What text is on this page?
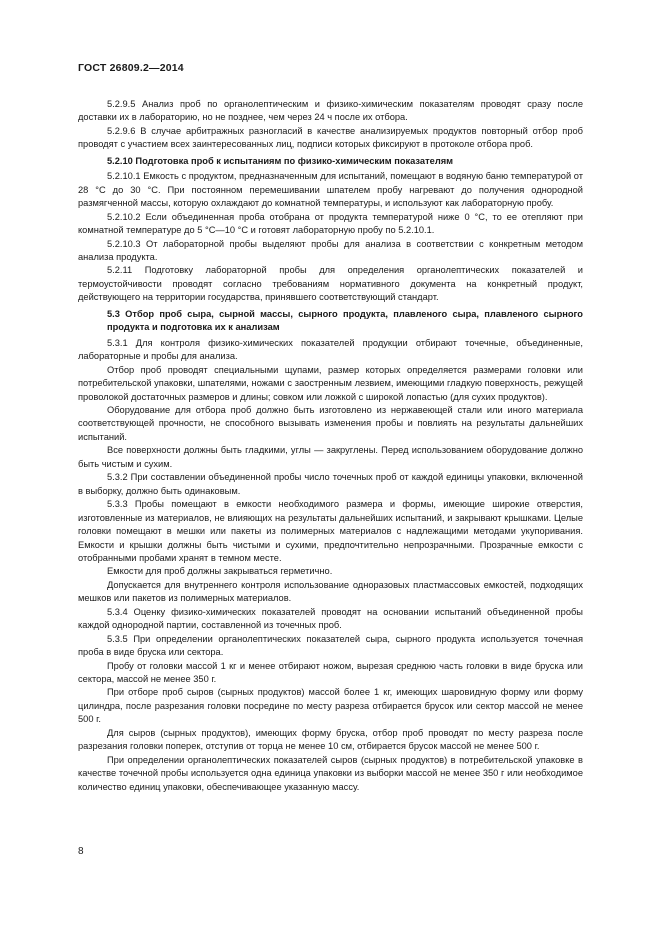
ГОСТ 26809.2—2014

5.2.9.5 Анализ проб по органолептическим и физико-химическим показателям проводят сразу после доставки их в лабораторию, но не позднее, чем через 24 ч после их отбора.

5.2.9.6 В случае арбитражных разногласий в качестве анализируемых продуктов повторный отбор проб проводят с участием всех заинтересованных лиц, подписи которых фиксируют в протоколе отбора проб.

5.2.10 Подготовка проб к испытаниям по физико-химическим показателям

5.2.10.1 Емкость с продуктом, предназначенным для испытаний, помещают в водяную баню температурой от 28 °C до 30 °C. При постоянном перемешивании шпателем пробу нагревают до получения однородной размягченной массы, которую охлаждают до комнатной температуры, и используют как лабораторную пробу.

5.2.10.2 Если объединенная проба отобрана от продукта температурой ниже 0 °C, то ее отепляют при комнатной температуре до 5 °C—10 °C и готовят лабораторную пробу по 5.2.10.1.

5.2.10.3 От лабораторной пробы выделяют пробы для анализа в соответствии с конкретным методом анализа продукта.

5.2.11 Подготовку лабораторной пробы для определения органолептических показателей и термоустойчивости проводят согласно требованиям нормативного документа на конкретный продукт, действующего на территории государства, принявшего соответствующий стандарт.

5.3 Отбор проб сыра, сырной массы, сырного продукта, плавленого сыра, плавленого сырного продукта и подготовка их к анализам

5.3.1 Для контроля физико-химических показателей продукции отбирают точечные, объединенные, лабораторные и пробы для анализа.

Отбор проб проводят специальными щупами, размер которых определяется размерами головки или потребительской упаковки, шпателями, ножами с заостренным лезвием, имеющими гладкую поверхность, режущей проволокой достаточных размеров и длины; совком или ложкой с широкой лопастью (для сухих продуктов).

Оборудование для отбора проб должно быть изготовлено из нержавеющей стали или иного материала соответствующей прочности, не способного вызывать изменения пробы и повлиять на результаты дальнейших испытаний.

Все поверхности должны быть гладкими, углы — закруглены. Перед использованием оборудование должно быть чистым и сухим.

5.3.2 При составлении объединенной пробы число точечных проб от каждой единицы упаковки, включенной в выборку, должно быть одинаковым.

5.3.3 Пробы помещают в емкости необходимого размера и формы, имеющие широкие отверстия, изготовленные из материалов, не влияющих на результаты дальнейших испытаний, и закрывают крышками. Целые головки помещают в мешки или пакеты из полимерных материалов с надлежащими методами укупоривания. Емкости и крышки должны быть чистыми и сухими, предпочтительно непрозрачными. Прозрачные емкости с отобранными пробами хранят в темном месте.

Емкости для проб должны закрываться герметично.

Допускается для внутреннего контроля использование одноразовых пластмассовых емкостей, подходящих мешков или пакетов из полимерных материалов.

5.3.4 Оценку физико-химических показателей проводят на основании испытаний объединенной пробы каждой однородной партии, составленной из точечных проб.

5.3.5 При определении органолептических показателей сыра, сырного продукта используется точечная проба в виде бруска или сектора.

Пробу от головки массой 1 кг и менее отбирают ножом, вырезая среднюю часть головки в виде бруска или сектора, массой не менее 350 г.

При отборе проб сыров (сырных продуктов) массой более 1 кг, имеющих шаровидную форму или форму цилиндра, после разрезания головки посредине по месту разреза отбирается брусок или сектор массой не менее 500 г.

Для сыров (сырных продуктов), имеющих форму бруска, отбор проб проводят по месту разреза после разрезания головки поперек, отступив от торца не менее 10 см, отбирается брусок массой не менее 500 г.

При определении органолептических показателей сыров (сырных продуктов) в потребительской упаковке в качестве точечной пробы используется одна единица упаковки из выборки массой не менее 350 г или необходимое количество единиц упаковки, обеспечивающее указанную массу.

8
